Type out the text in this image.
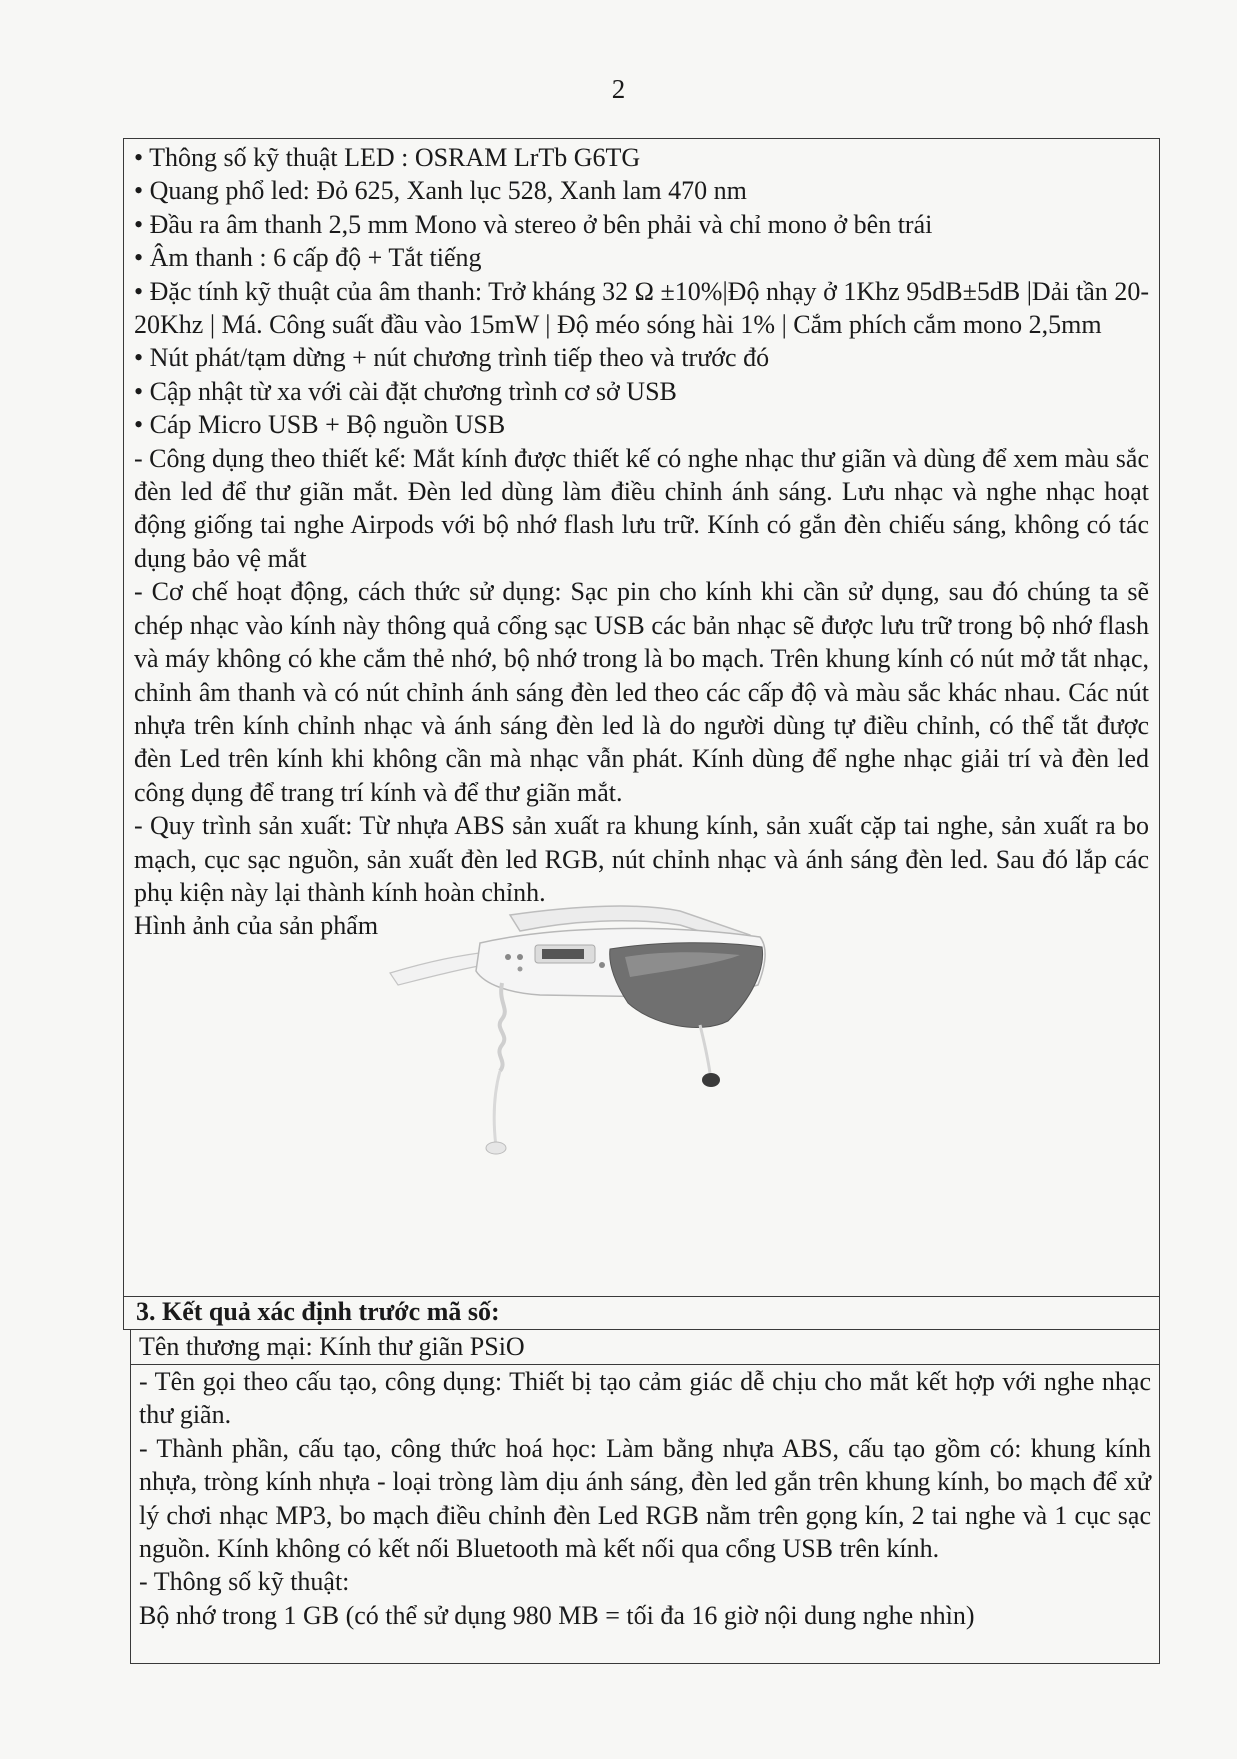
2
• Thông số kỹ thuật LED : OSRAM LrTb G6TG
• Quang phổ led: Đỏ 625, Xanh lục 528, Xanh lam 470 nm
• Đầu ra âm thanh 2,5 mm Mono và stereo ở bên phải và chỉ mono ở bên trái
• Âm thanh : 6 cấp độ + Tắt tiếng
• Đặc tính kỹ thuật của âm thanh: Trở kháng 32 Ω ±10%|Độ nhạy ở 1Khz 95dB±5dB |Dải tần 20-20Khz | Má. Công suất đầu vào 15mW | Độ méo sóng hài 1% | Cắm phích cắm mono 2,5mm
• Nút phát/tạm dừng + nút chương trình tiếp theo và trước đó
• Cập nhật từ xa với cài đặt chương trình cơ sở USB
• Cáp Micro USB + Bộ nguồn USB
- Công dụng theo thiết kế: Mắt kính được thiết kế có nghe nhạc thư giãn và dùng để xem màu sắc đèn led để thư giãn mắt. Đèn led dùng làm điều chỉnh ánh sáng. Lưu nhạc và nghe nhạc hoạt động giống tai nghe Airpods với bộ nhớ flash lưu trữ. Kính có gắn đèn chiếu sáng, không có tác dụng bảo vệ mắt
- Cơ chế hoạt động, cách thức sử dụng: Sạc pin cho kính khi cần sử dụng, sau đó chúng ta sẽ chép nhạc vào kính này thông quả cổng sạc USB các bản nhạc sẽ được lưu trữ trong bộ nhớ flash và máy không có khe cắm thẻ nhớ, bộ nhớ trong là bo mạch. Trên khung kính có nút mở tắt nhạc, chỉnh âm thanh và có nút chỉnh ánh sáng đèn led theo các cấp độ và màu sắc khác nhau. Các nút nhựa trên kính chỉnh nhạc và ánh sáng đèn led là do người dùng tự điều chỉnh, có thể tắt được đèn Led trên kính khi không cần mà nhạc vẫn phát. Kính dùng để nghe nhạc giải trí và đèn led công dụng để trang trí kính và để thư giãn mắt.
- Quy trình sản xuất: Từ nhựa ABS sản xuất ra khung kính, sản xuất cặp tai nghe, sản xuất ra bo mạch, cục sạc nguồn, sản xuất đèn led RGB, nút chỉnh nhạc và ánh sáng đèn led. Sau đó lắp các phụ kiện này lại thành kính hoàn chỉnh.
Hình ảnh của sản phẩm
3. Kết quả xác định trước mã số:
Tên thương mại: Kính thư giãn PSiO
- Tên gọi theo cấu tạo, công dụng: Thiết bị tạo cảm giác dễ chịu cho mắt kết hợp với nghe nhạc thư giãn.
- Thành phần, cấu tạo, công thức hoá học: Làm bằng nhựa ABS, cấu tạo gồm có: khung kính nhựa, tròng kính nhựa - loại tròng làm dịu ánh sáng, đèn led gắn trên khung kính, bo mạch để xử lý chơi nhạc MP3, bo mạch điều chỉnh đèn Led RGB nằm trên gọng kín, 2 tai nghe và 1 cục sạc nguồn. Kính không có kết nối Bluetooth mà kết nối qua cổng USB trên kính.
- Thông số kỹ thuật:
Bộ nhớ trong 1 GB (có thể sử dụng 980 MB = tối đa 16 giờ nội dung nghe nhìn)
